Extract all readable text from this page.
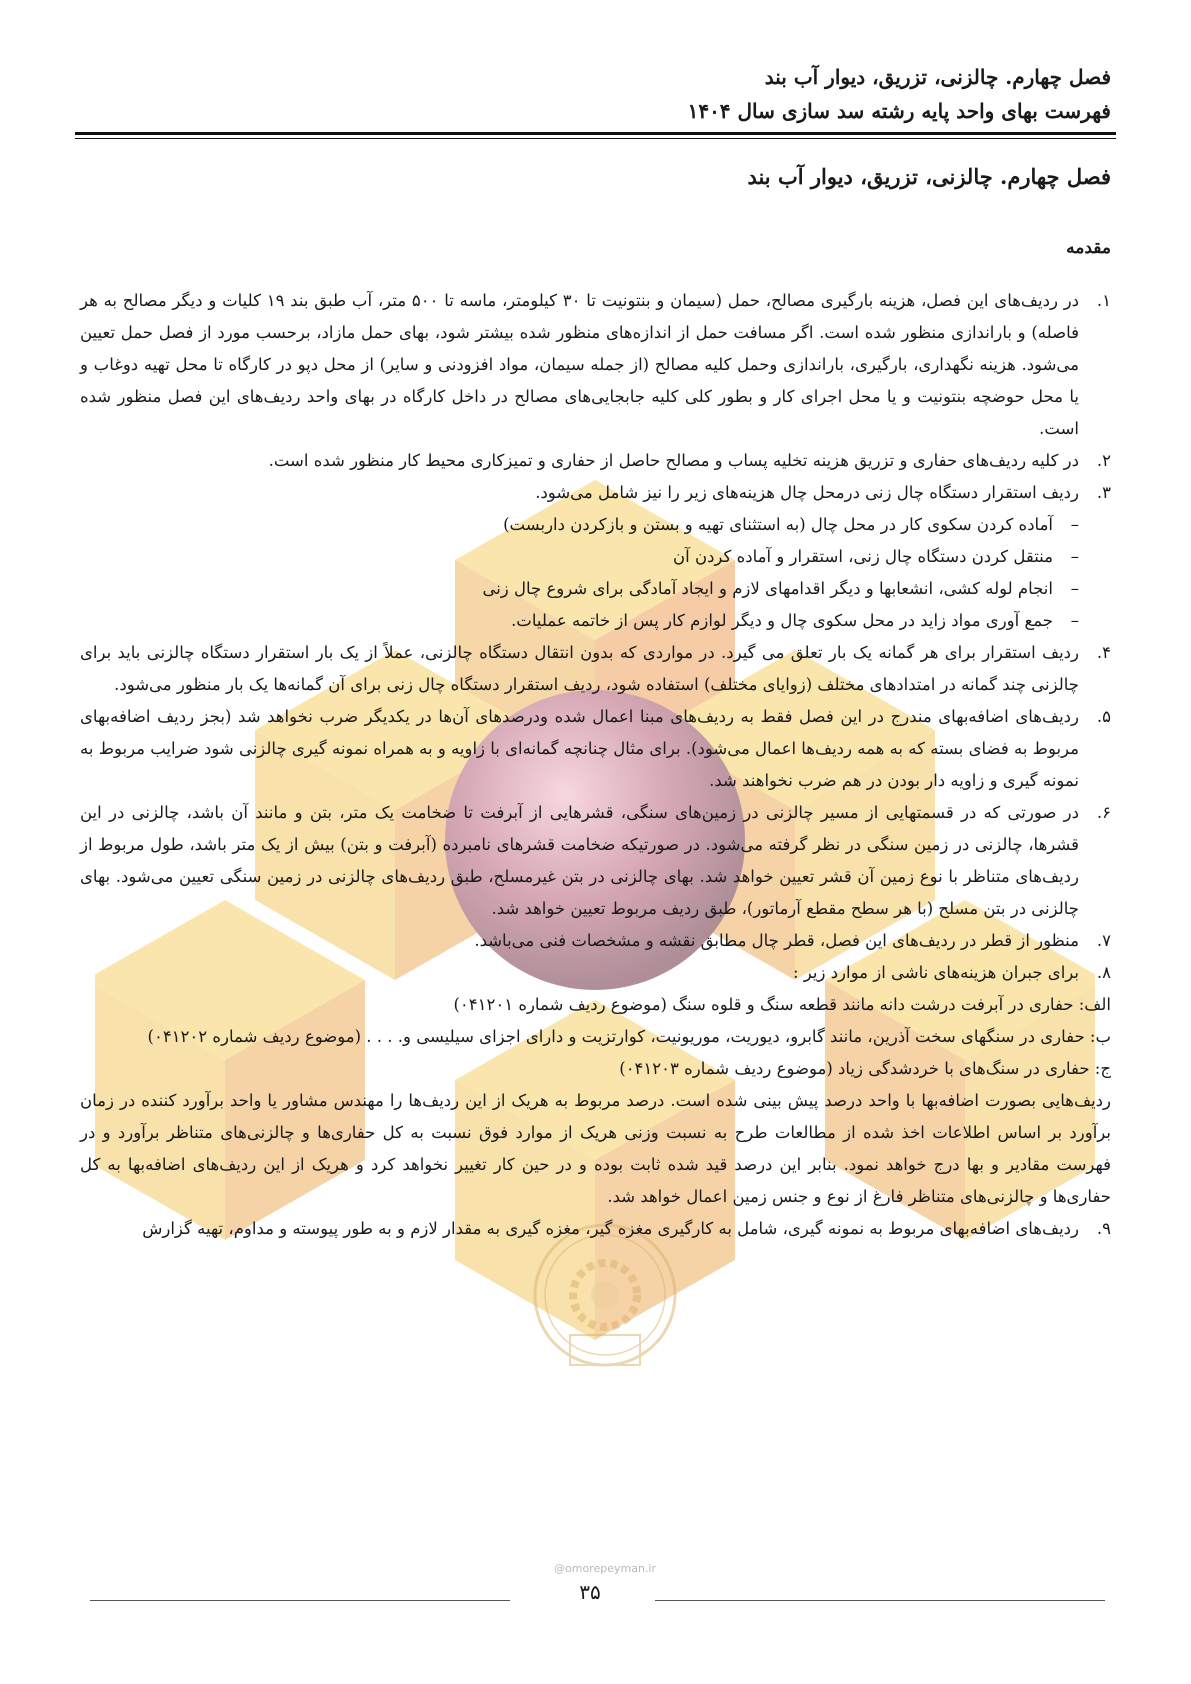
فصل چهارم. چالزنی، تزریق، دیوار آب بند
فهرست بهای واحد پایه رشته سد سازی سال ۱۴۰۴
فصل چهارم. چالزنی، تزریق، دیوار آب بند
مقدمه
۱.
در ردیف‌های این فصل، هزینه بارگیری مصالح، حمل (سیمان و بنتونیت تا ۳۰ کیلومتر، ماسه تا ۵۰۰ متر، آب طبق بند ۱۹ کلیات و دیگر مصالح به هر فاصله) و باراندازی منظور شده است. اگر مسافت حمل از اندازه‌های منظور شده بیشتر شود، بهای حمل مازاد، برحسب مورد از فصل حمل تعیین می‌شود. هزینه نگهداری، بارگیری، باراندازی وحمل کلیه مصالح (از جمله سیمان، مواد افزودنی و سایر) از محل دپو در کارگاه تا محل تهیه دوغاب و یا محل حوضچه بنتونیت و یا محل اجرای کار و بطور کلی کلیه جابجایی‌های مصالح در داخل کارگاه در بهای واحد ردیف‌های این فصل منظور شده است.
۲.
در کلیه ردیف‌های حفاری و تزریق هزینه تخلیه پساب و مصالح حاصل از حفاری و تمیزکاری محیط کار منظور شده است.
۳.
ردیف استقرار دستگاه چال زنی درمحل چال هزینه‌های زیر را نیز شامل می‌شود.
–
آماده کردن سکوی کار در محل چال (به استثنای تهیه و بستن و بازکردن داربست)
–
منتقل کردن دستگاه چال زنی، استقرار و آماده کردن آن
–
انجام لوله کشی، انشعابها و دیگر اقدامهای لازم و ایجاد آمادگی برای شروع چال زنی
–
جمع آوری مواد زاید در محل سکوی چال و دیگر لوازم کار پس از خاتمه عملیات.
۴.
ردیف استقرار برای هر گمانه یک بار تعلق می گیرد. در مواردی که بدون انتقال دستگاه چالزنی، عملاً از یک بار استقرار دستگاه چالزنی باید برای چالزنی چند گمانه در امتدادهای مختلف (زوایای مختلف) استفاده شود، ردیف استقرار دستگاه چال زنی برای آن گمانه‌ها یک بار منظور می‌شود.
۵.
ردیف‌های اضافه‌بهای مندرج در این فصل فقط به ردیف‌های مبنا اعمال شده ودرصدهای آن‌ها در یکدیگر ضرب نخواهد شد (بجز ردیف اضافه‌بهای مربوط به فضای بسته که به همه ردیف‌ها اعمال می‌شود). برای مثال چنانچه گمانه‌ای با زاویه و به همراه نمونه گیری چالزنی شود ضرایب مربوط به نمونه گیری و زاویه دار بودن در هم ضرب نخواهند شد.
۶.
در صورتی که در قسمتهایی از مسیر چالزنی در زمین‌های سنگی، قشرهایی از آبرفت تا ضخامت یک متر، بتن و مانند آن باشد، چالزنی در این قشرها، چالزنی در زمین سنگی در نظر گرفته می‌شود. در صورتیکه ضخامت قشرهای نامبرده (آبرفت و بتن) بیش از یک متر باشد، طول مربوط از ردیف‌های متناظر با نوع زمین آن قشر تعیین خواهد شد. بهای چالزنی در بتن غیرمسلح، طبق ردیف‌های چالزنی در زمین سنگی تعیین می‌شود. بهای چالزنی در بتن مسلح (با هر سطح مقطع آرماتور)، طبق ردیف مربوط تعیین خواهد شد.
۷.
منظور از قطر در ردیف‌های این فصل، قطر چال مطابق نقشه و مشخصات فنی می‌باشد.
۸.
برای جبران هزینه‌های ناشی از موارد زیر :
الف: حفاری در آبرفت درشت دانه مانند قطعه سنگ و قلوه سنگ (موضوع ردیف شماره ۰۴۱۲۰۱)
ب: حفاری در سنگهای سخت آذرین، مانند گابرو، دیوریت، موریونیت، کوارتزیت و دارای اجزای سیلیسی و. . . . (موضوع ردیف شماره ۰۴۱۲۰۲)
ج: حفاری در سنگ‌های با خردشدگی زیاد (موضوع ردیف شماره ۰۴۱۲۰۳)
ردیف‌هایی بصورت اضافه‌بها با واحد درصد پیش بینی شده است. درصد مربوط به هریک از این ردیف‌ها را مهندس مشاور یا واحد برآورد کننده در زمان برآورد بر اساس اطلاعات اخذ شده از مطالعات طرح به نسبت وزنی هریک از موارد فوق نسبت به کل حفاری‌ها و چالزنی‌های متناظر برآورد و در فهرست مقادیر و بها درج خواهد نمود. بنابر این درصد قید شده ثابت بوده و در حین کار تغییر نخواهد کرد و هریک از این ردیف‌های اضافه‌بها به کل حفاری‌ها و چالزنی‌های متناظر فارغ از نوع و جنس زمین اعمال خواهد شد.
۹.
ردیف‌های اضافه‌بهای مربوط به نمونه گیری، شامل به کارگیری مغزه گیر، مغزه گیری به مقدار لازم و به طور پیوسته و مداوم، تهیه گزارش
@omorepeyman.ir
۳۵
